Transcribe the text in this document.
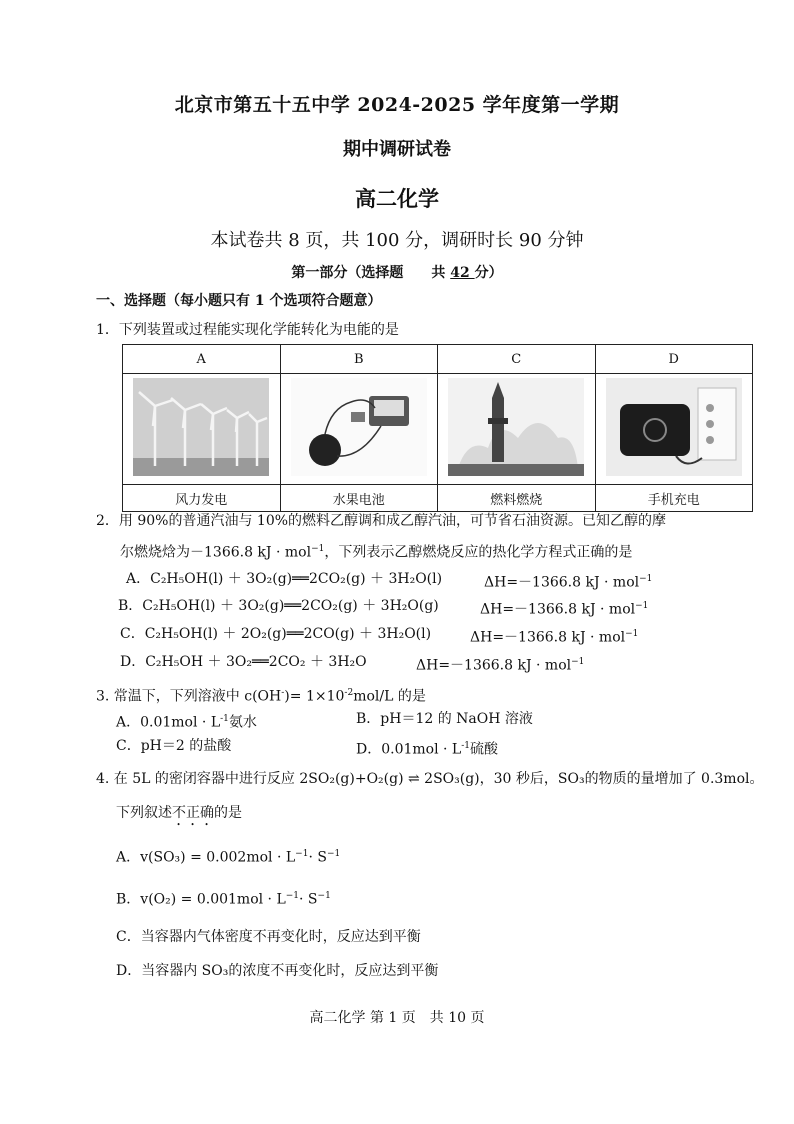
北京市第五十五中学 2024-2025 学年度第一学期
期中调研试卷
高二化学
本试卷共 8 页，共 100 分，调研时长 90 分钟
第一部分（选择题　　共 42 分）
一、选择题（每小题只有 1 个选项符合题意）
1．下列装置或过程能实现化学能转化为电能的是
A	B	C	D

风力发电	水果电池	燃料燃烧	手机充电
2．用 90%的普通汽油与 10%的燃料乙醇调和成乙醇汽油，可节省石油资源。已知乙醇的摩
尔燃烧焓为－1366.8 kJ · mol$^{-1}$，下列表示乙醇燃烧反应的热化学方程式正确的是
A．C₂H₅OH(l) ＋ 3O₂(g)══2CO₂(g) ＋ 3H₂O(l)	ΔH=－1366.8 kJ · mol$^{-1}$
B．C₂H₅OH(l) ＋ 3O₂(g)══2CO₂(g) ＋ 3H₂O(g)	ΔH=－1366.8 kJ · mol$^{-1}$
C．C₂H₅OH(l) ＋ 2O₂(g)══2CO(g) ＋ 3H₂O(l)	ΔH=－1366.8 kJ · mol$^{-1}$
D．C₂H₅OH ＋ 3O₂══2CO₂ ＋ 3H₂O	ΔH=－1366.8 kJ · mol$^{-1}$
3. 常温下，下列溶液中 $c(OH^-)= 1\times 10^{-2}mol/L$ 的是
A．$0.01mol \cdot L^{-1}$氨水	B．pH＝12 的 NaOH 溶液
C．pH＝2 的盐酸	D．$0.01mol \cdot L^{-1}$硫酸
4. 在 5L 的密闭容器中进行反应 2SO₂(g)+O₂(g) ⇌ 2SO₃(g)，30 秒后，SO₃的物质的量增加了 0.3mol。
下列叙述不正确的是
A．$v(SO_3) = 0.002mol \cdot L^{-1}\cdot S^{-1}$
B．$v(O_2) = 0.001mol \cdot L^{-1}\cdot S^{-1}$
C．当容器内气体密度不再变化时，反应达到平衡
D．当容器内 SO₃的浓度不再变化时，反应达到平衡
高二化学 第 1 页　共 10 页
